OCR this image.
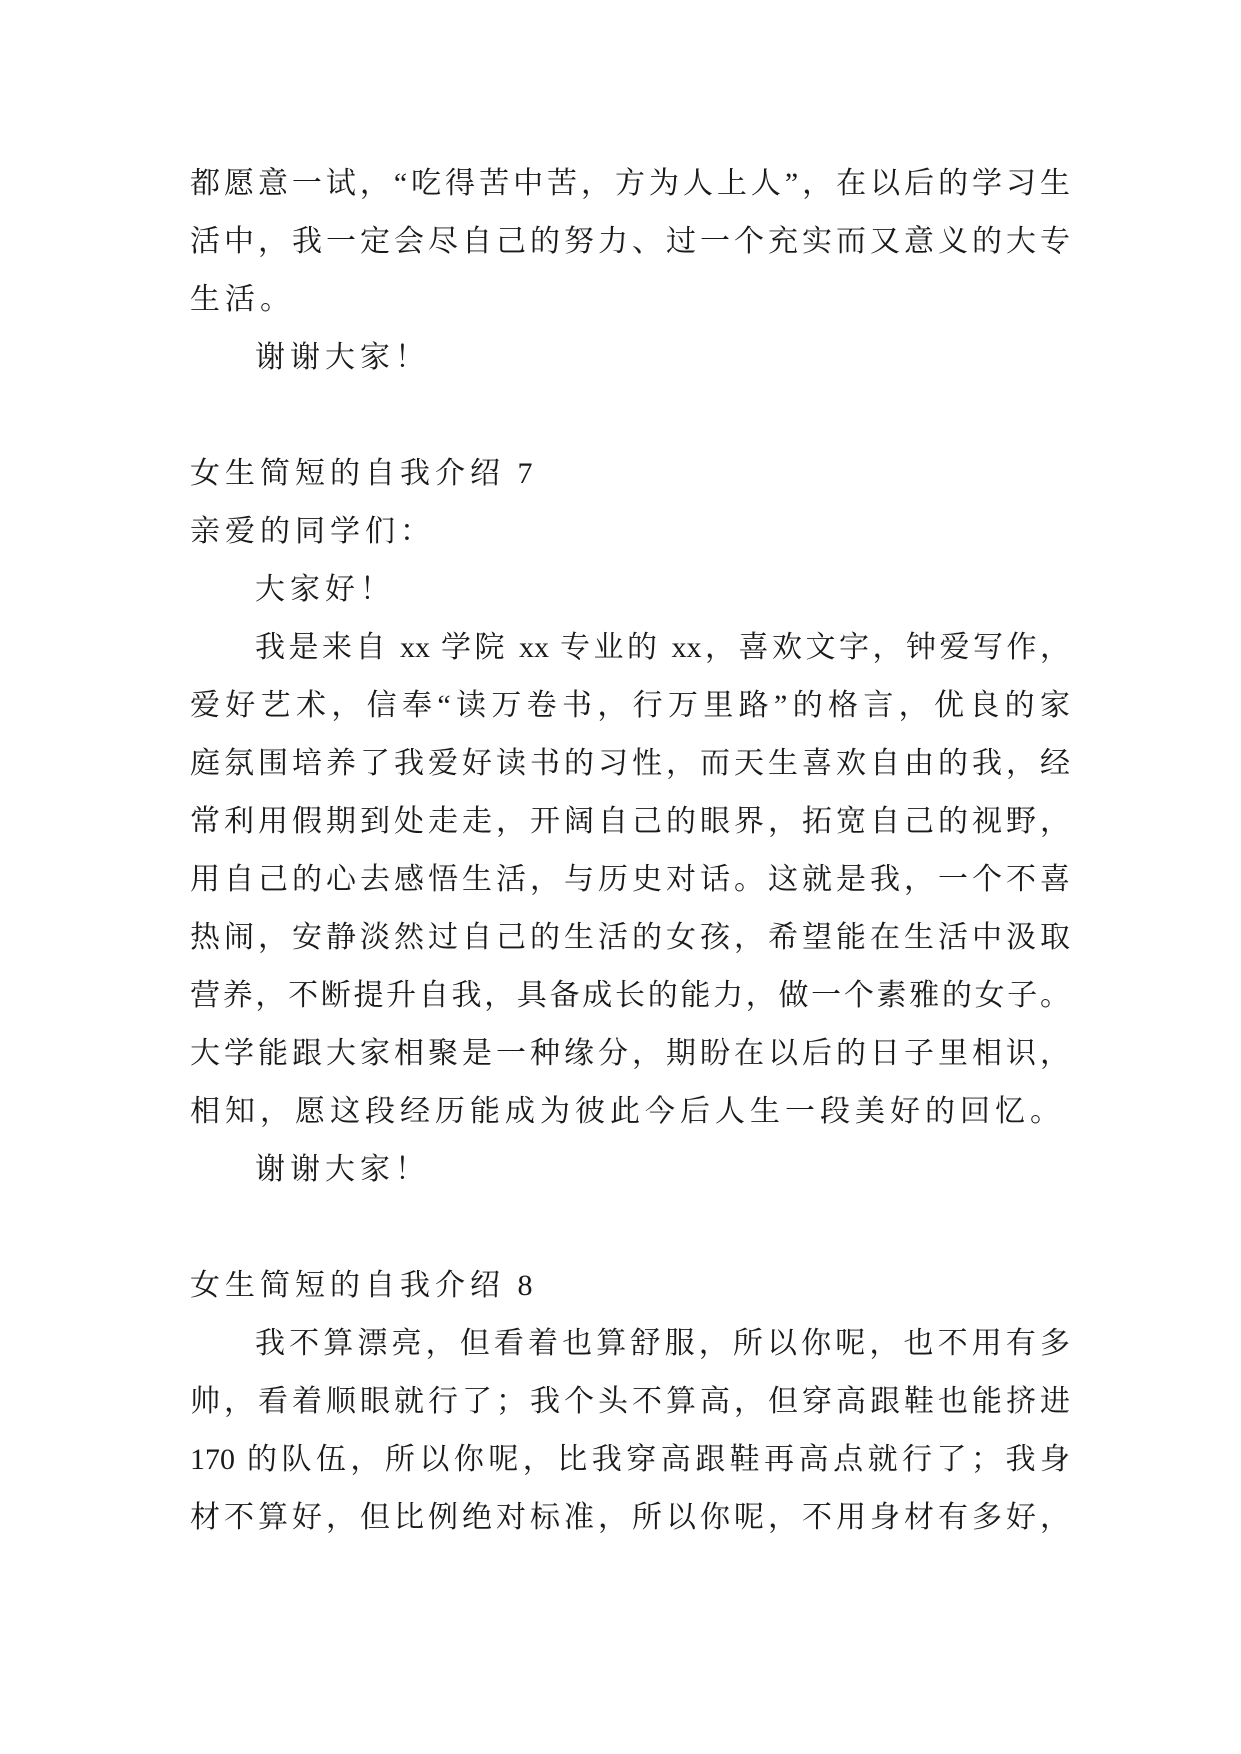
都愿意一试，“吃得苦中苦，方为人上人”，在以后的学习生
活中，我一定会尽自己的努力、过一个充实而又意义的大专
生活。
谢谢大家！
女生简短的自我介绍 7
亲爱的同学们：
大家好！
我是来自 xx 学院 xx 专业的 xx，喜欢文字，钟爱写作，
爱好艺术，信奉“读万卷书，行万里路”的格言，优良的家
庭氛围培养了我爱好读书的习性，而天生喜欢自由的我，经
常利用假期到处走走，开阔自己的眼界，拓宽自己的视野，
用自己的心去感悟生活，与历史对话。这就是我，一个不喜
热闹，安静淡然过自己的生活的女孩，希望能在生活中汲取
营养，不断提升自我，具备成长的能力，做一个素雅的女子。
大学能跟大家相聚是一种缘分，期盼在以后的日子里相识，
相知，愿这段经历能成为彼此今后人生一段美好的回忆。
谢谢大家！
女生简短的自我介绍 8
我不算漂亮，但看着也算舒服，所以你呢，也不用有多
帅，看着顺眼就行了；我个头不算高，但穿高跟鞋也能挤进
170 的队伍，所以你呢，比我穿高跟鞋再高点就行了；我身
材不算好，但比例绝对标准，所以你呢，不用身材有多好，
